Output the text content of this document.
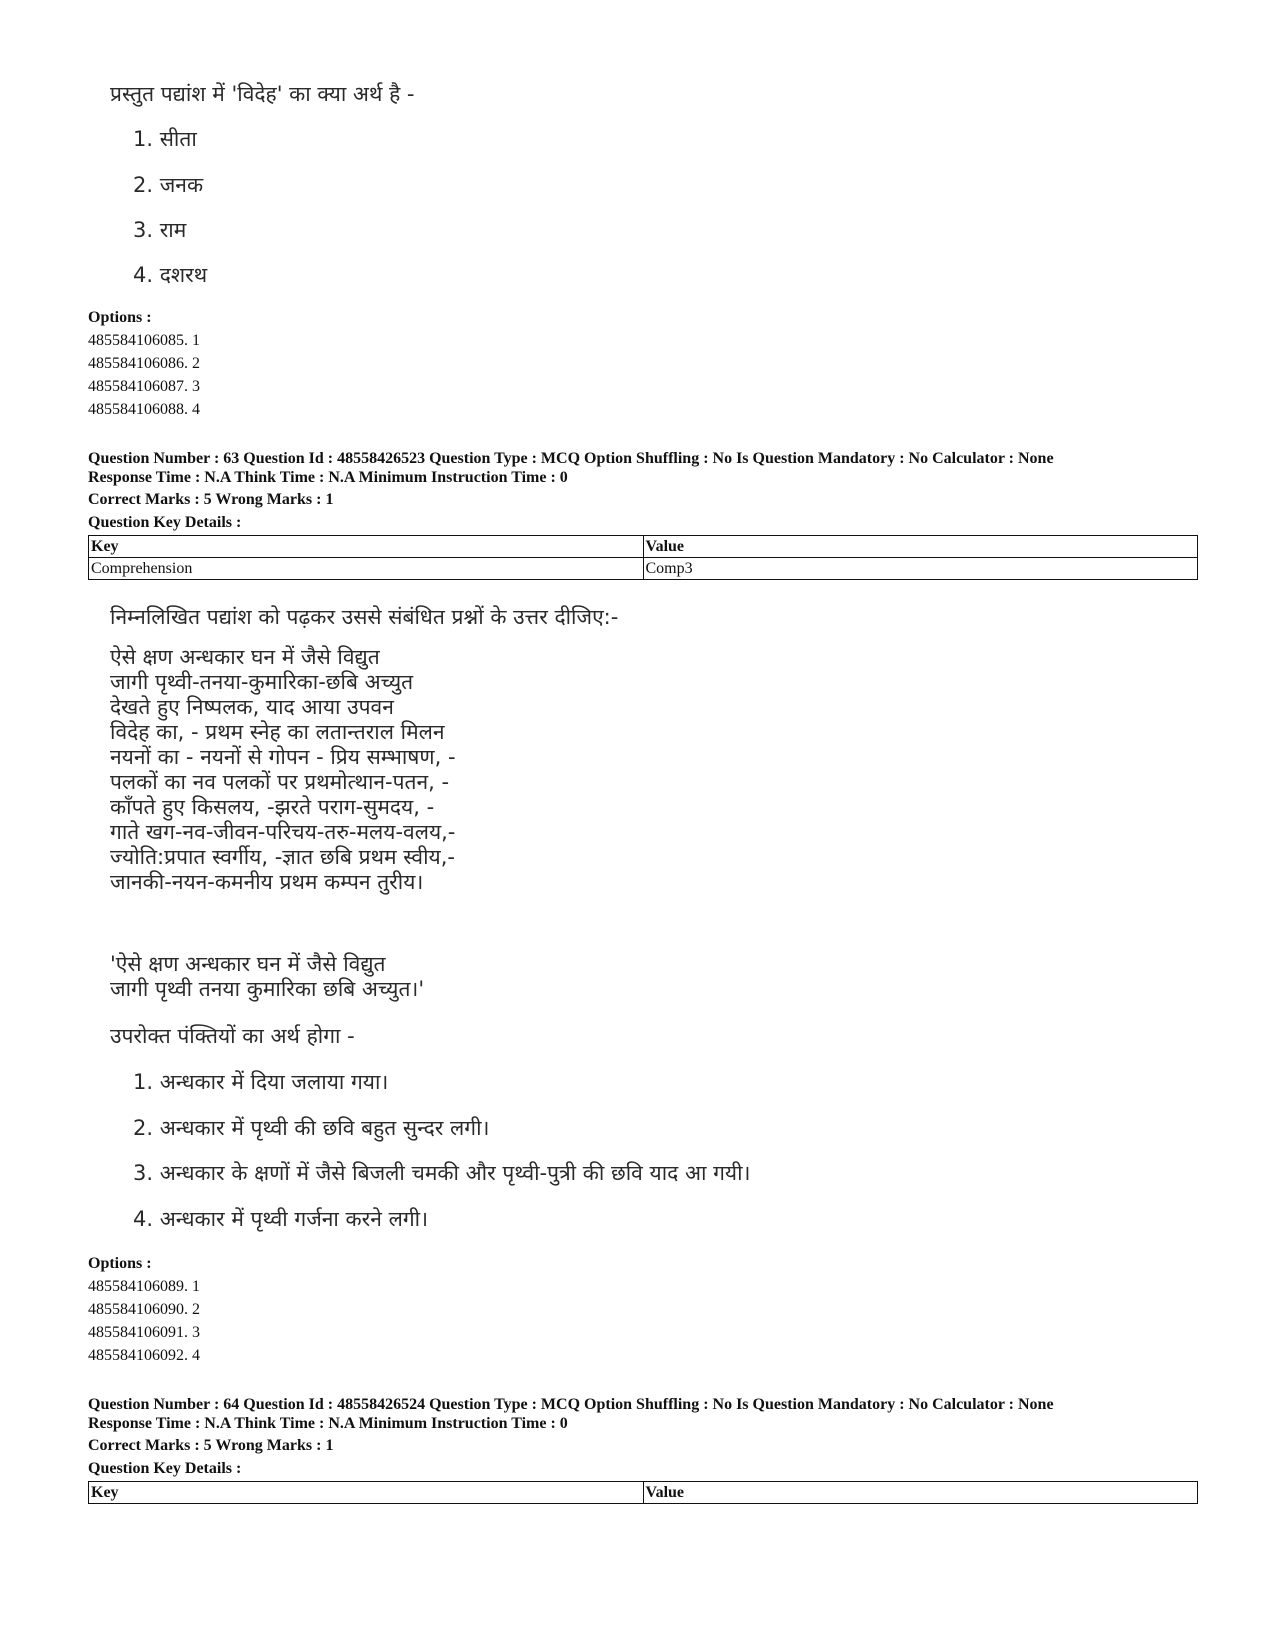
प्रस्तुत पद्यांश में 'विदेह' का क्या अर्थ है -
1. सीता
2. जनक
3. राम
4. दशरथ
Options :
485584106085. 1
485584106086. 2
485584106087. 3
485584106088. 4
Question Number : 63 Question Id : 48558426523 Question Type : MCQ Option Shuffling : No Is Question Mandatory : No Calculator : None
Response Time : N.A Think Time : N.A Minimum Instruction Time : 0
Correct Marks : 5 Wrong Marks : 1
Question Key Details :
Key	Value
Comprehension	Comp3
निम्नलिखित पद्यांश को पढ़कर उससे संबंधित प्रश्नों के उत्तर दीजिए:-
ऐसे क्षण अन्धकार घन में जैसे विद्युत
जागी पृथ्वी-तनया-कुमारिका-छबि अच्युत
देखते हुए निष्पलक, याद आया उपवन
विदेह का, - प्रथम स्नेह का लतान्तराल मिलन
नयनों का - नयनों से गोपन - प्रिय सम्भाषण, -
पलकों का नव पलकों पर प्रथमोत्थान-पतन, -
काँपते हुए किसलय, -झरते पराग-सुमदय, -
गाते खग-नव-जीवन-परिचय-तरु-मलय-वलय,-
ज्योति:प्रपात स्वर्गीय, -ज्ञात छबि प्रथम स्वीय,-
जानकी-नयन-कमनीय प्रथम कम्पन तुरीय।
'ऐसे क्षण अन्धकार घन में जैसे विद्युत
जागी पृथ्वी तनया कुमारिका छबि अच्युत।'
उपरोक्त पंक्तियों का अर्थ होगा -
1. अन्धकार में दिया जलाया गया।
2. अन्धकार में पृथ्वी की छवि बहुत सुन्दर लगी।
3. अन्धकार के क्षणों में जैसे बिजली चमकी और पृथ्वी-पुत्री की छवि याद आ गयी।
4. अन्धकार में पृथ्वी गर्जना करने लगी।
Options :
485584106089. 1
485584106090. 2
485584106091. 3
485584106092. 4
Question Number : 64 Question Id : 48558426524 Question Type : MCQ Option Shuffling : No Is Question Mandatory : No Calculator : None
Response Time : N.A Think Time : N.A Minimum Instruction Time : 0
Correct Marks : 5 Wrong Marks : 1
Question Key Details :
Key	Value
